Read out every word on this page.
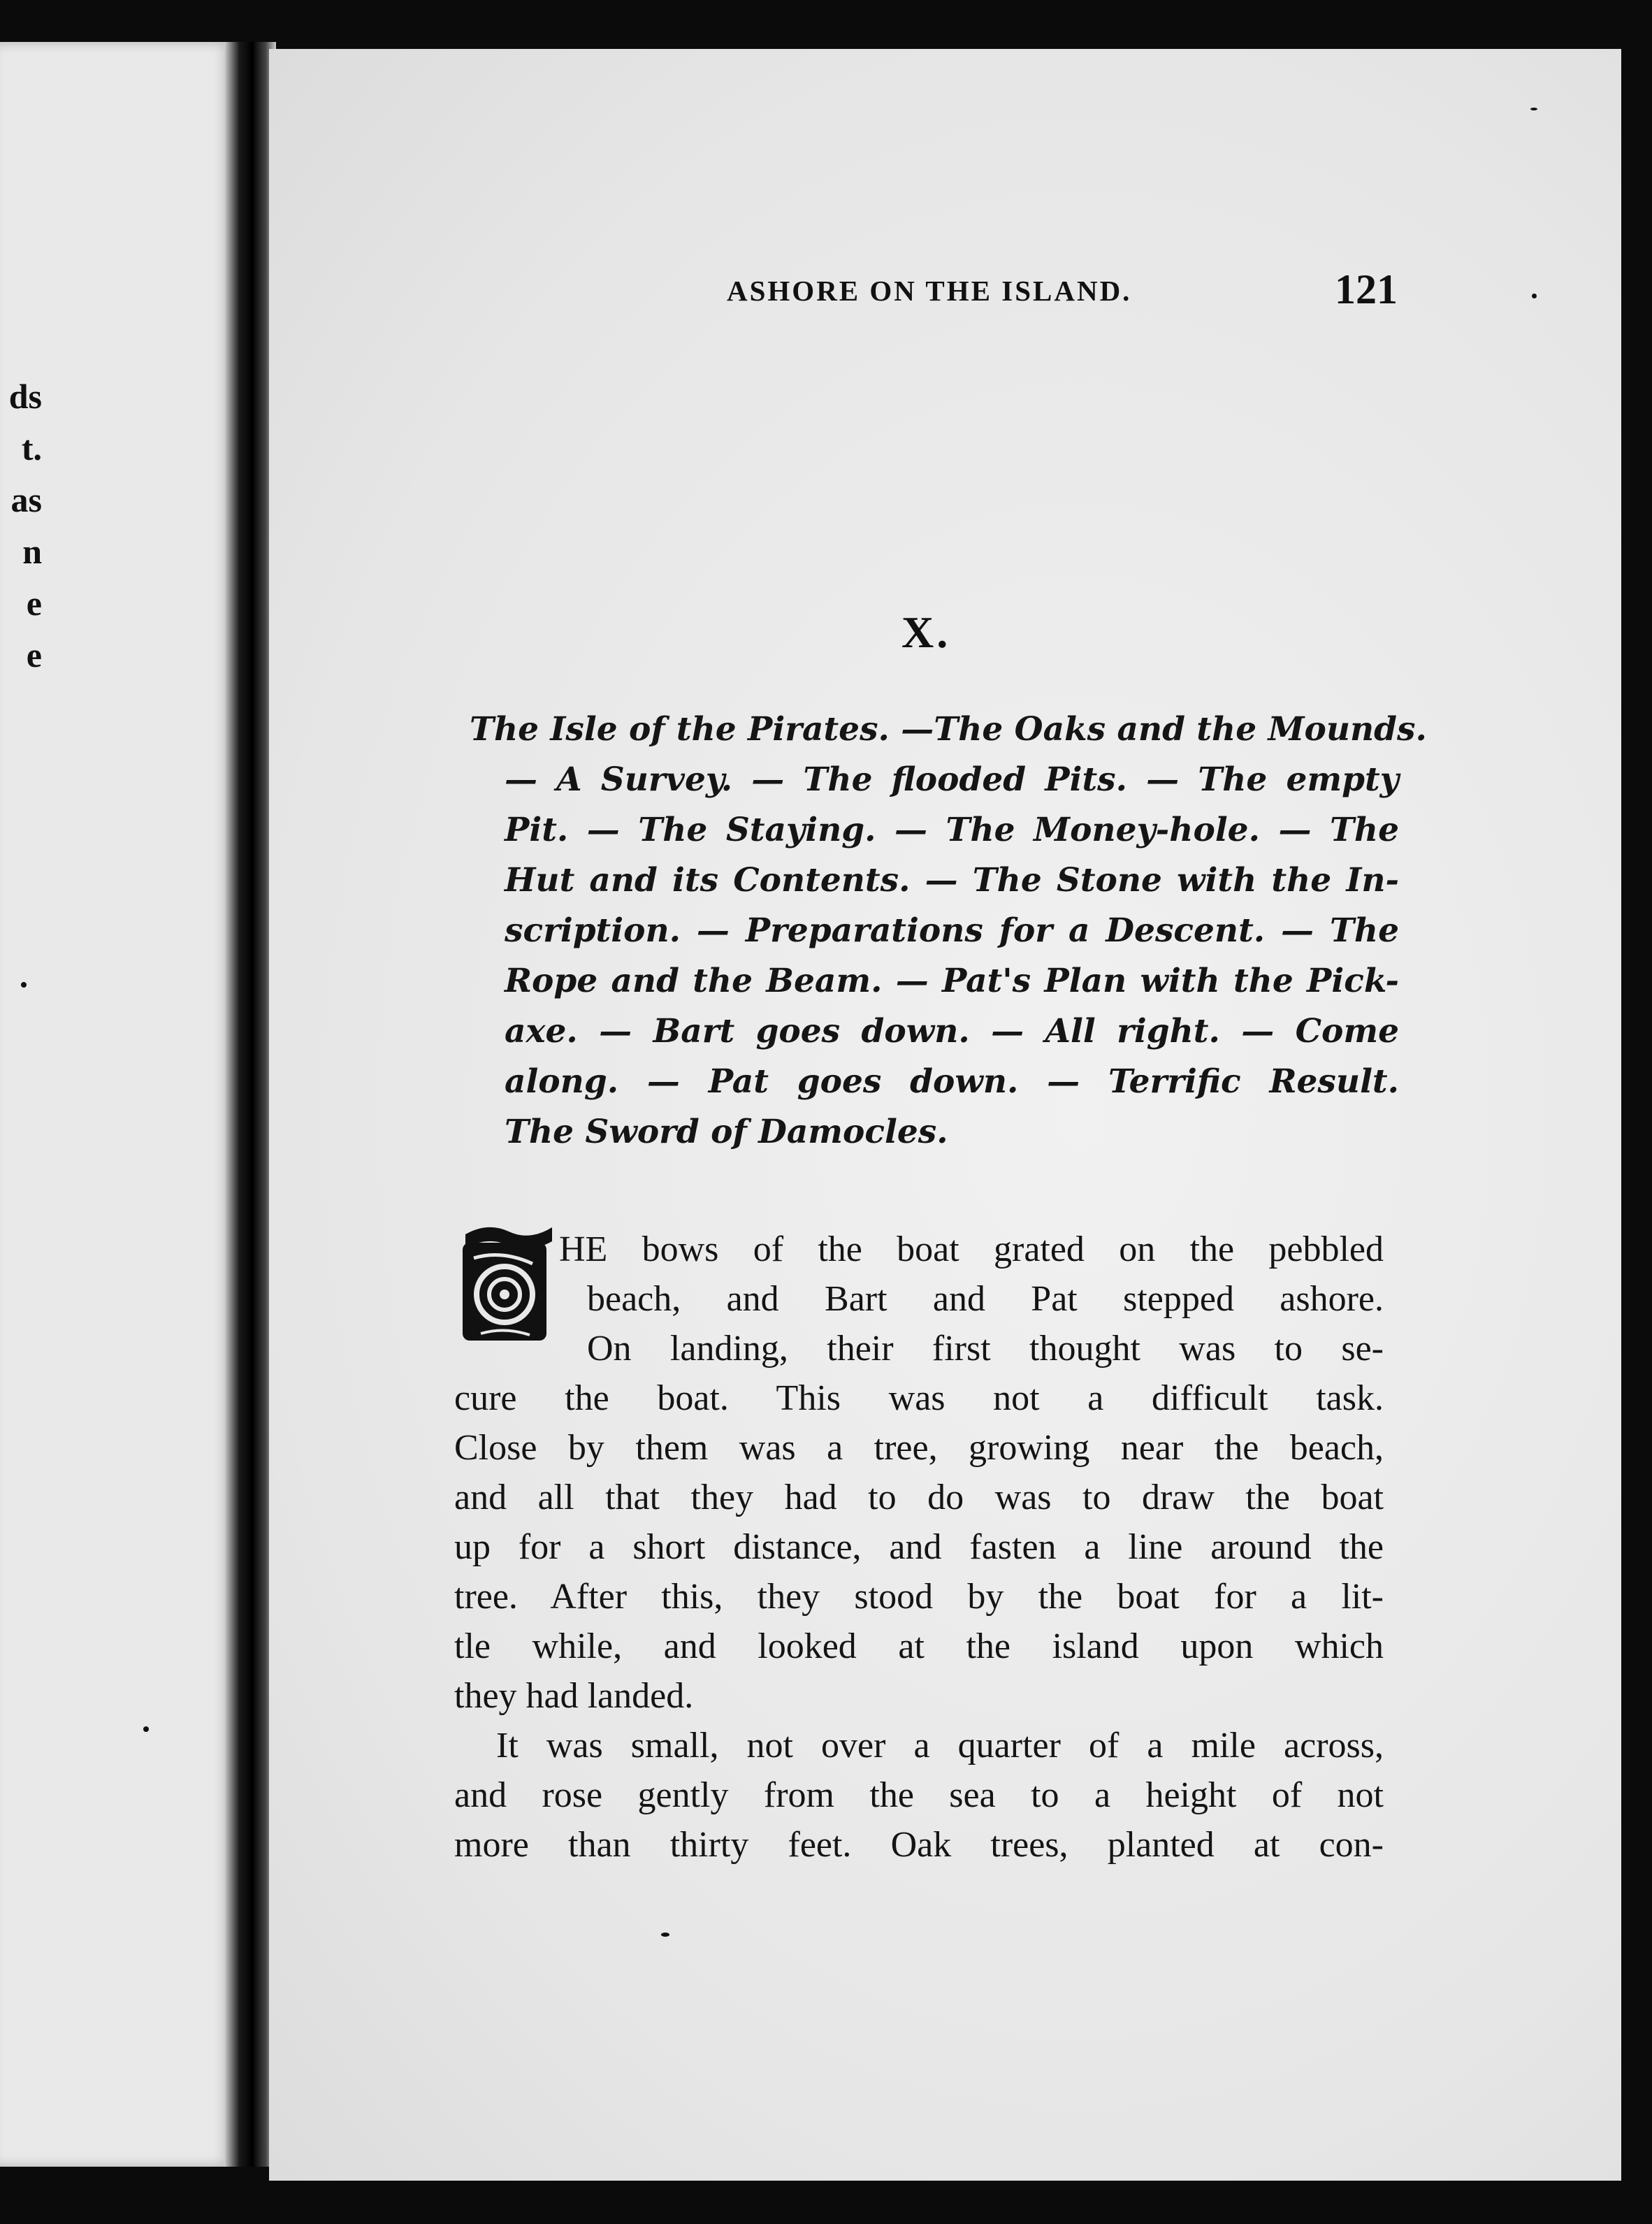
ds
t.
as
n
e
e
ASHORE ON THE ISLAND.	121
X.
The Isle of the Pirates. —The Oaks and the Mounds.
— A Survey. — The flooded Pits. — The empty
Pit. — The Staying. — The Money-hole. — The
Hut and its Contents. — The Stone with the In-
scription. — Preparations for a Descent. — The
Rope and the Beam. — Pat's Plan with the Pick-
axe. — Bart goes down. — All right. — Come
along. — Pat goes down. — Terrific Result.
The Sword of Damocles.
T
HE bows of the boat grated on the pebbled
beach, and Bart and Pat stepped ashore.
On landing, their first thought was to se-
cure the boat. This was not a difficult task.
Close by them was a tree, growing near the beach,
and all that they had to do was to draw the boat
up for a short distance, and fasten a line around the
tree. After this, they stood by the boat for a lit-
tle while, and looked at the island upon which
they had landed.
It was small, not over a quarter of a mile across,
and rose gently from the sea to a height of not
more than thirty feet. Oak trees, planted at con-
